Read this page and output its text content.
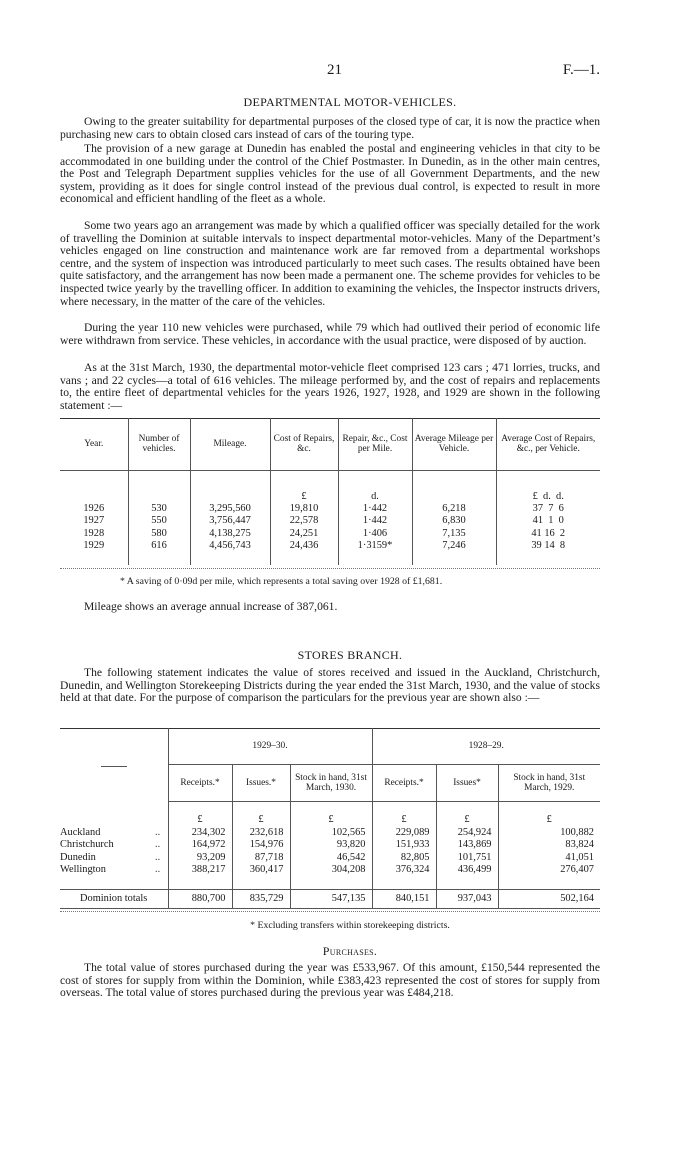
21	F.—1.
DEPARTMENTAL MOTOR-VEHICLES.

Owing to the greater suitability for departmental purposes of the closed type of car, it is now the practice when purchasing new cars to obtain closed cars instead of cars of the touring type.

The provision of a new garage at Dunedin has enabled the postal and engineering vehicles in that city to be accommodated in one building under the control of the Chief Postmaster. In Dunedin, as in the other main centres, the Post and Telegraph Department supplies vehicles for the use of all Government Departments, and the new system, providing as it does for single control instead of the previous dual control, is expected to result in more economical and efficient handling of the fleet as a whole.

Some two years ago an arrangement was made by which a qualified officer was specially detailed for the work of travelling the Dominion at suitable intervals to inspect departmental motor-vehicles. Many of the Department’s vehicles engaged on line construction and maintenance work are far removed from a departmental workshops centre, and the system of inspection was introduced particularly to meet such cases. The results obtained have been quite satisfactory, and the arrangement has now been made a permanent one. The scheme provides for vehicles to be inspected twice yearly by the travelling officer. In addition to examining the vehicles, the Inspector instructs drivers, where necessary, in the matter of the care of the vehicles.

During the year 110 new vehicles were purchased, while 79 which had outlived their period of economic life were withdrawn from service. These vehicles, in accordance with the usual practice, were disposed of by auction.

As at the 31st March, 1930, the departmental motor-vehicle fleet comprised 123 cars ; 471 lorries, trucks, and vans ; and 22 cycles—a total of 616 vehicles. The mileage performed by, and the cost of repairs and replacements to, the entire fleet of departmental vehicles for the years 1926, 1927, 1928, and 1929 are shown in the following statement :—

Year.	Number of vehicles.	Mileage.	Cost of Repairs, &c.	Repair, &c., Cost per Mile.	Average Mileage per Vehicle.	Average Cost of Repairs, &c., per Vehicle.

			£	d.		£  d.  d.
1926	530	3,295,560	19,810	1·442	6,218	37  7  6
1927	550	3,756,447	22,578	1·442	6,830	41  1  0
1928	580	4,138,275	24,251	1·406	7,135	41 16  2
1929	616	4,456,743	24,436	1·3159*	7,246	39 14  8

* A saving of 0·09d per mile, which represents a total saving over 1928 of £1,681.
Mileage shows an average annual increase of 387,061.
STORES BRANCH.

The following statement indicates the value of stores received and issued in the Auckland, Christchurch, Dunedin, and Wellington Storekeeping Districts during the year ended the 31st March, 1930, and the value of stocks held at that date. For the purpose of comparison the particulars for the previous year are shown also :—

	1929–30.			1928–29.		
	Receipts.*	Issues.*	Stock in hand, 31st March, 1930.	Receipts.*	Issues*	Stock in hand, 31st March, 1929.

	£	£	£	£	£	£
Auckland ..	234,302	232,618	102,565	229,089	254,924	100,882
Christchurch ..	164,972	154,976	93,820	151,933	143,869	83,824
Dunedin ..	93,209	87,718	46,542	82,805	101,751	41,051
Wellington ..	388,217	360,417	304,208	376,324	436,499	276,407

Dominion totals	880,700	835,729	547,135	840,151	937,043	502,164
* Excluding transfers within storekeeping districts.
Purchases.

The total value of stores purchased during the year was £533,967. Of this amount, £150,544 represented the cost of stores for supply from within the Dominion, while £383,423 represented the cost of stores for supply from overseas. The total value of stores purchased during the previous year was £484,218.
